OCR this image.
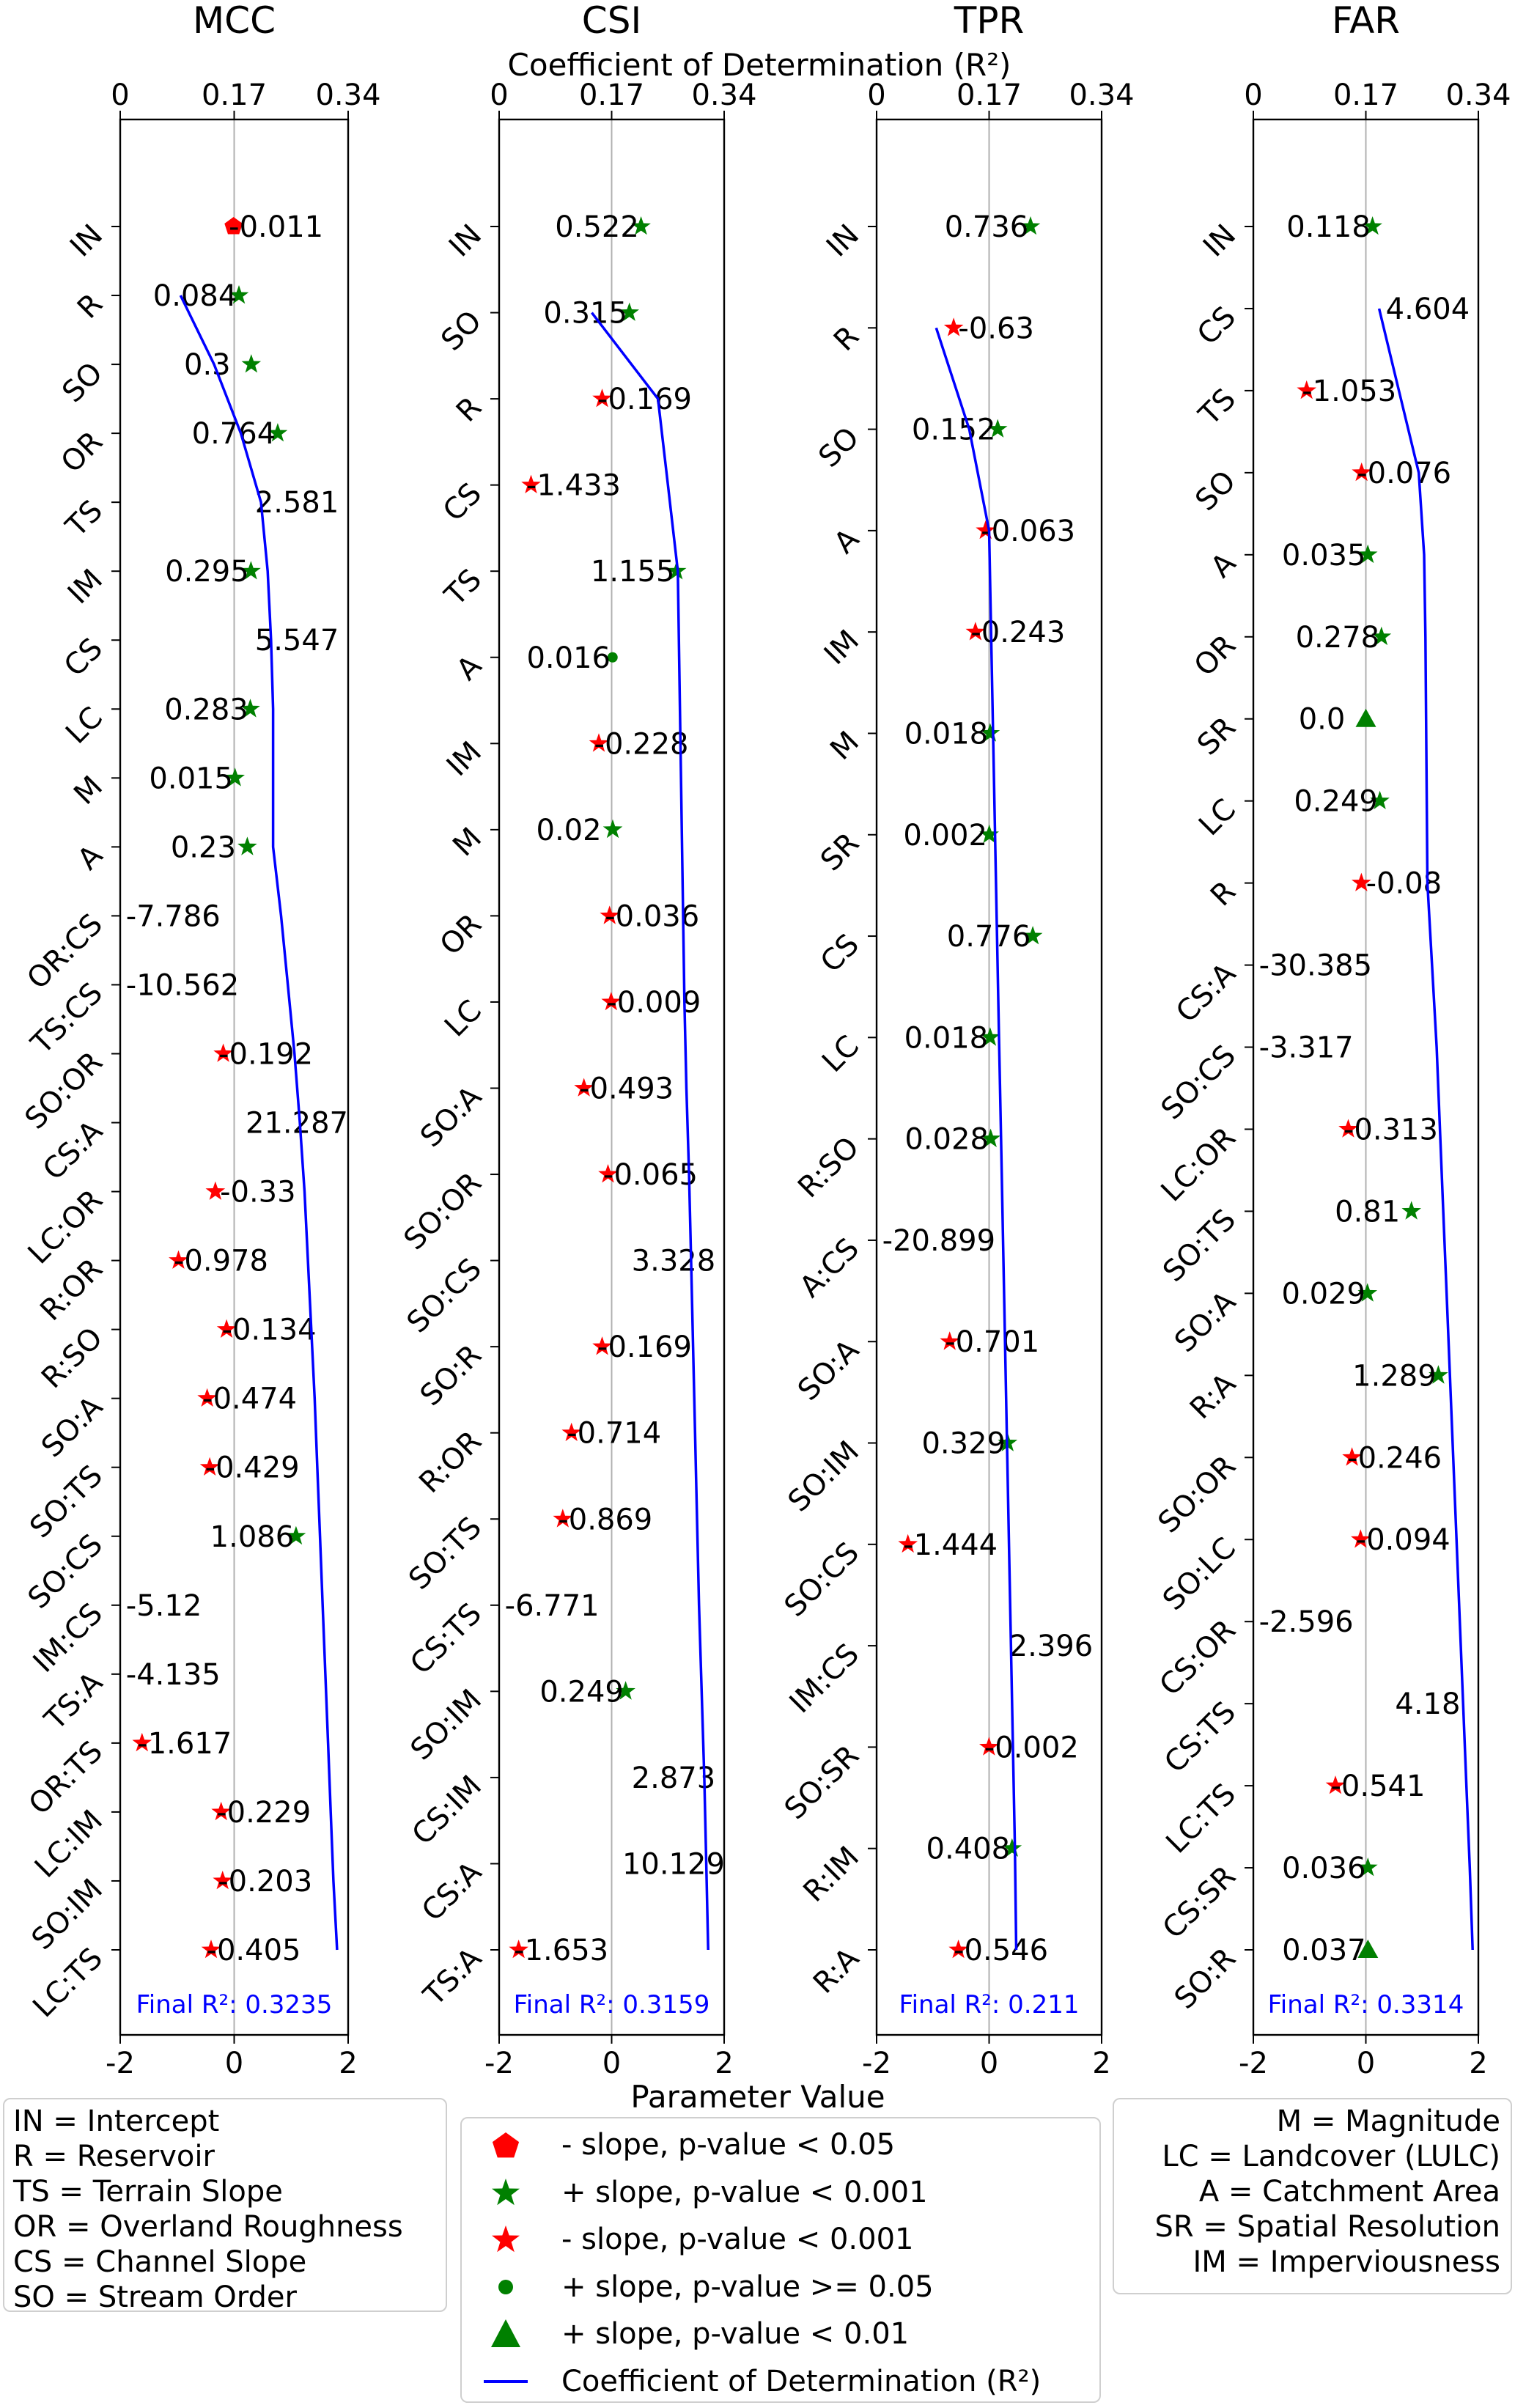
Coefficient of Determination (R²)
Parameter Value
MCC
0 0.17 0.34
-2	0	2
IN	-0.011
R 0.084
SO	0.3
OR	0.764
TS	2.581
IM 0.295
CS	5.547
LC 0.283
M 0.015
A 0.23
OR:CS -7.786
TS:CS -10.562
SO:OR	-0.192
CS:A	21.287
LC:OR	-0.33
R:OR -0.978
R:SO	-0.134
SO:A	-0.474
SO:TS	-0.429
SO:CS	1.086
IM:CS -5.12
TS:A -4.135
OR:TS -1.617
LC:IM	-0.229
SO:IM	-0.203
LC:TS	-0.405
Final R²: 0.3235
CSI
0 0.17 0.34
-2	0	2
IN 0.522
SO 0.315
R	-0.169
CS -1.433
TS	1.155
A 0.016
IM	-0.228
M 0.02
OR	-0.036
LC	-0.009
SO:A	-0.493
SO:OR	-0.065
SO:CS	3.328
SO:R	-0.169
R:OR	-0.714
SO:TS -0.869
CS:TS -6.771
SO:IM 0.249
CS:IM	2.873
CS:A	10.129
TS:A -1.653
Final R²: 0.3159
TPR
0 0.17 0.34
-2	0	2
IN	0.736
R	-0.63
SO 0.152
A	-0.063
IM	-0.243
M 0.018
SR 0.002
CS	0.776
LC 0.018
R:SO 0.028
A:CS -20.899
SO:A	-0.701
SO:IM 0.329
SO:CS -1.444
IM:CS	2.396
SO:SR	-0.002
R:IM 0.408
R:A	-0.546
Final R²: 0.211
FAR
0 0.17 0.34
-2	0	2
IN 0.118
CS	4.604
TS -1.053
SO	-0.076
A 0.035
OR 0.278
SR 0.0
LC 0.249
R	-0.08
CS:A -30.385
SO:CS -3.317
LC:OR	-0.313
SO:TS	0.81
SO:A 0.029
R:A	1.289
SO:OR	-0.246
SO:LC	-0.094
CS:OR -2.596
CS:TS	4.18
LC:TS	-0.541
CS:SR 0.036
SO:R 0.037
Final R²: 0.3314
IN = Intercept
R = Reservoir
TS = Terrain Slope
OR = Overland Roughness
CS = Channel Slope
SO = Stream Order
- slope, p-value < 0.05
+ slope, p-value < 0.001
- slope, p-value < 0.001
+ slope, p-value >= 0.05
+ slope, p-value < 0.01
Coefficient of Determination (R²)
M = Magnitude
LC = Landcover (LULC)
A = Catchment Area
SR = Spatial Resolution
IM = Imperviousness
